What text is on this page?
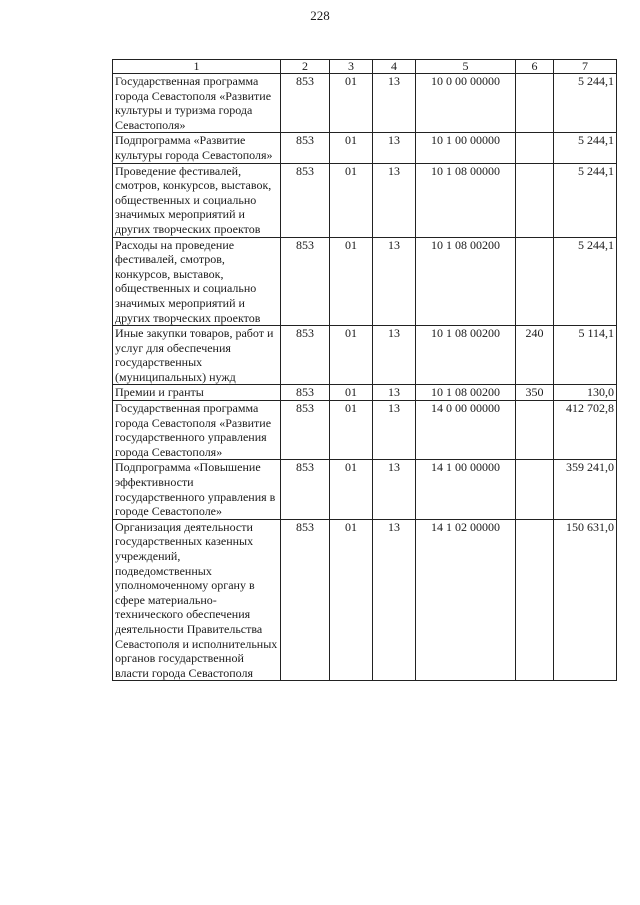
228
1	2	3	4	5	6	7
Государственная программа города Севастополя «Развитие культуры и туризма города Севастополя»	853	01	13	10 0 00 00000		5 244,1
Подпрограмма «Развитие культуры города Севастополя»	853	01	13	10 1 00 00000		5 244,1
Проведение фестивалей, смотров, конкурсов, выставок, общественных и социально значимых мероприятий и других творческих проектов	853	01	13	10 1 08 00000		5 244,1
Расходы на проведение фестивалей, смотров, конкурсов, выставок, общественных и социально значимых мероприятий и других творческих проектов	853	01	13	10 1 08 00200		5 244,1
Иные закупки товаров, работ и услуг для обеспечения государственных (муниципальных) нужд	853	01	13	10 1 08 00200	240	5 114,1
Премии и гранты	853	01	13	10 1 08 00200	350	130,0
Государственная программа города Севастополя «Развитие государственного управления города Севастополя»	853	01	13	14 0 00 00000		412 702,8
Подпрограмма «Повышение эффективности государственного управления в городе Севастополе»	853	01	13	14 1 00 00000		359 241,0
Организация деятельности государственных казенных учреждений, подведомственных уполномоченному органу в сфере материально-технического обеспечения деятельности Правительства Севастополя и исполнительных органов государственной власти города Севастополя	853	01	13	14 1 02 00000		150 631,0
